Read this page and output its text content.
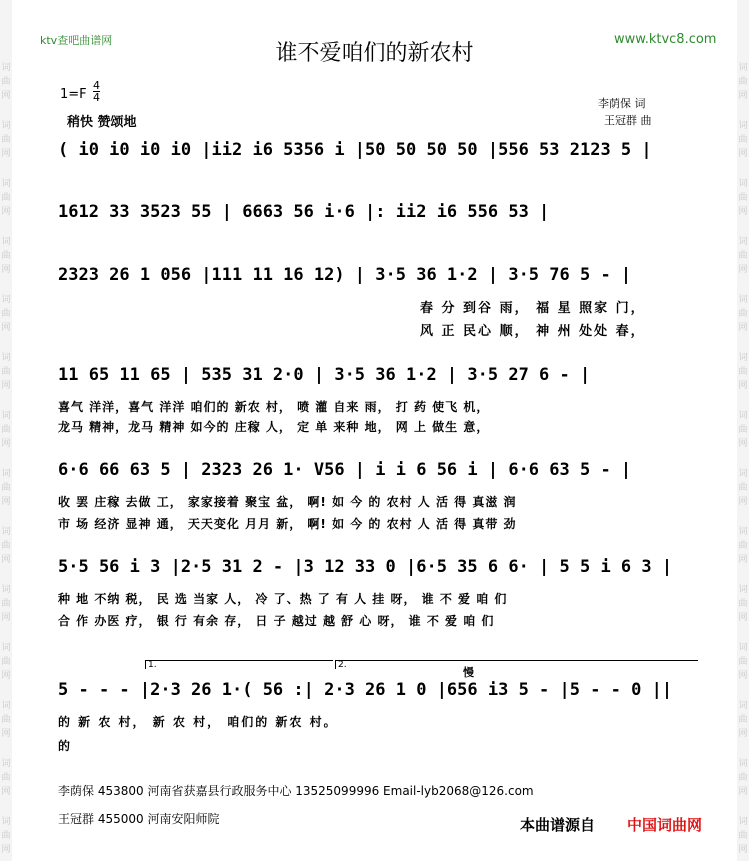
词
曲
网
词
曲
网
词
曲
网
词
曲
网
词
曲
网
词
曲
网
词
曲
网
词
曲
网
词
曲
网
词
曲
网
词
曲
网
词
曲
网
词
曲
网
词
曲
网
词
曲
网
词
曲
网
词
曲
网
词
曲
网
词
曲
网
词
曲
网
词
曲
网
词
曲
网
词
曲
网
词
曲
网
词
曲
网
词
曲
网
词
曲
网
词
曲
网
ktv查吧曲谱网	www.ktvc8.com
谁不爱咱们的新农村
$1=F \frac{4}{4}$
稍快 赞颂地
李荫保 词
王冠群 曲
( i0 i0 i0 i0 |ii2 i6 5356 i |50 50 50 50 |556 53 2123 5 |
1612 33 3523 55 | 6663 56 i·6 |: ii2 i6 556 53 |
2323 26 1 056 |111 11 16 12) | 3·5 36 1·2 | 3·5 76 5 - |
春 分 到谷 雨， 福 星 照家 门，
风 正 民心 顺， 神 州 处处 春，
11 65 11 65 | 535 31 2·0 | 3·5 36 1·2 | 3·5 27 6 - |
喜气 洋洋，喜气 洋洋 咱们的 新农 村， 喷 灌 自来 雨， 打 药 使飞 机，
龙马 精神，龙马 精神 如今的 庄稼 人， 定 单 来种 地， 网 上 做生 意，
6·6 66 63 5 | 2323 26 1· V56 | i i 6 56 i | 6·6 63 5 - |
收 罢 庄稼 去做 工， 家家接着 聚宝 盆， 啊! 如 今 的 农村 人 活 得 真滋 润
市 场 经济 显神 通， 天天变化 月月 新， 啊! 如 今 的 农村 人 活 得 真带 劲
5·5 56 i 3 |2·5 31 2 - |3 12 33 0 |6·5 35 6 6· | 5 5 i 6 3 |
种 地 不纳 税， 民 选 当家 人， 冷 了、热 了 有 人 挂 呀， 谁 不 爱 咱 们
合 作 办医 疗， 银 行 有余 存， 日 子 越过 越 舒 心 呀， 谁 不 爱 咱 们
1.	2.
慢
5 - - - |2·3 26 1·( 56 :| 2·3 26 1 0 |656 i3 5 - |5 - - 0 ||
的 新 农 村， 新 农 村， 咱们的 新农 村。
的
李荫保 453800 河南省获嘉县行政服务中心 13525099996 Email-lyb2068@126.com
王冠群 455000 河南安阳师院	本曲谱源自 中国词曲网
